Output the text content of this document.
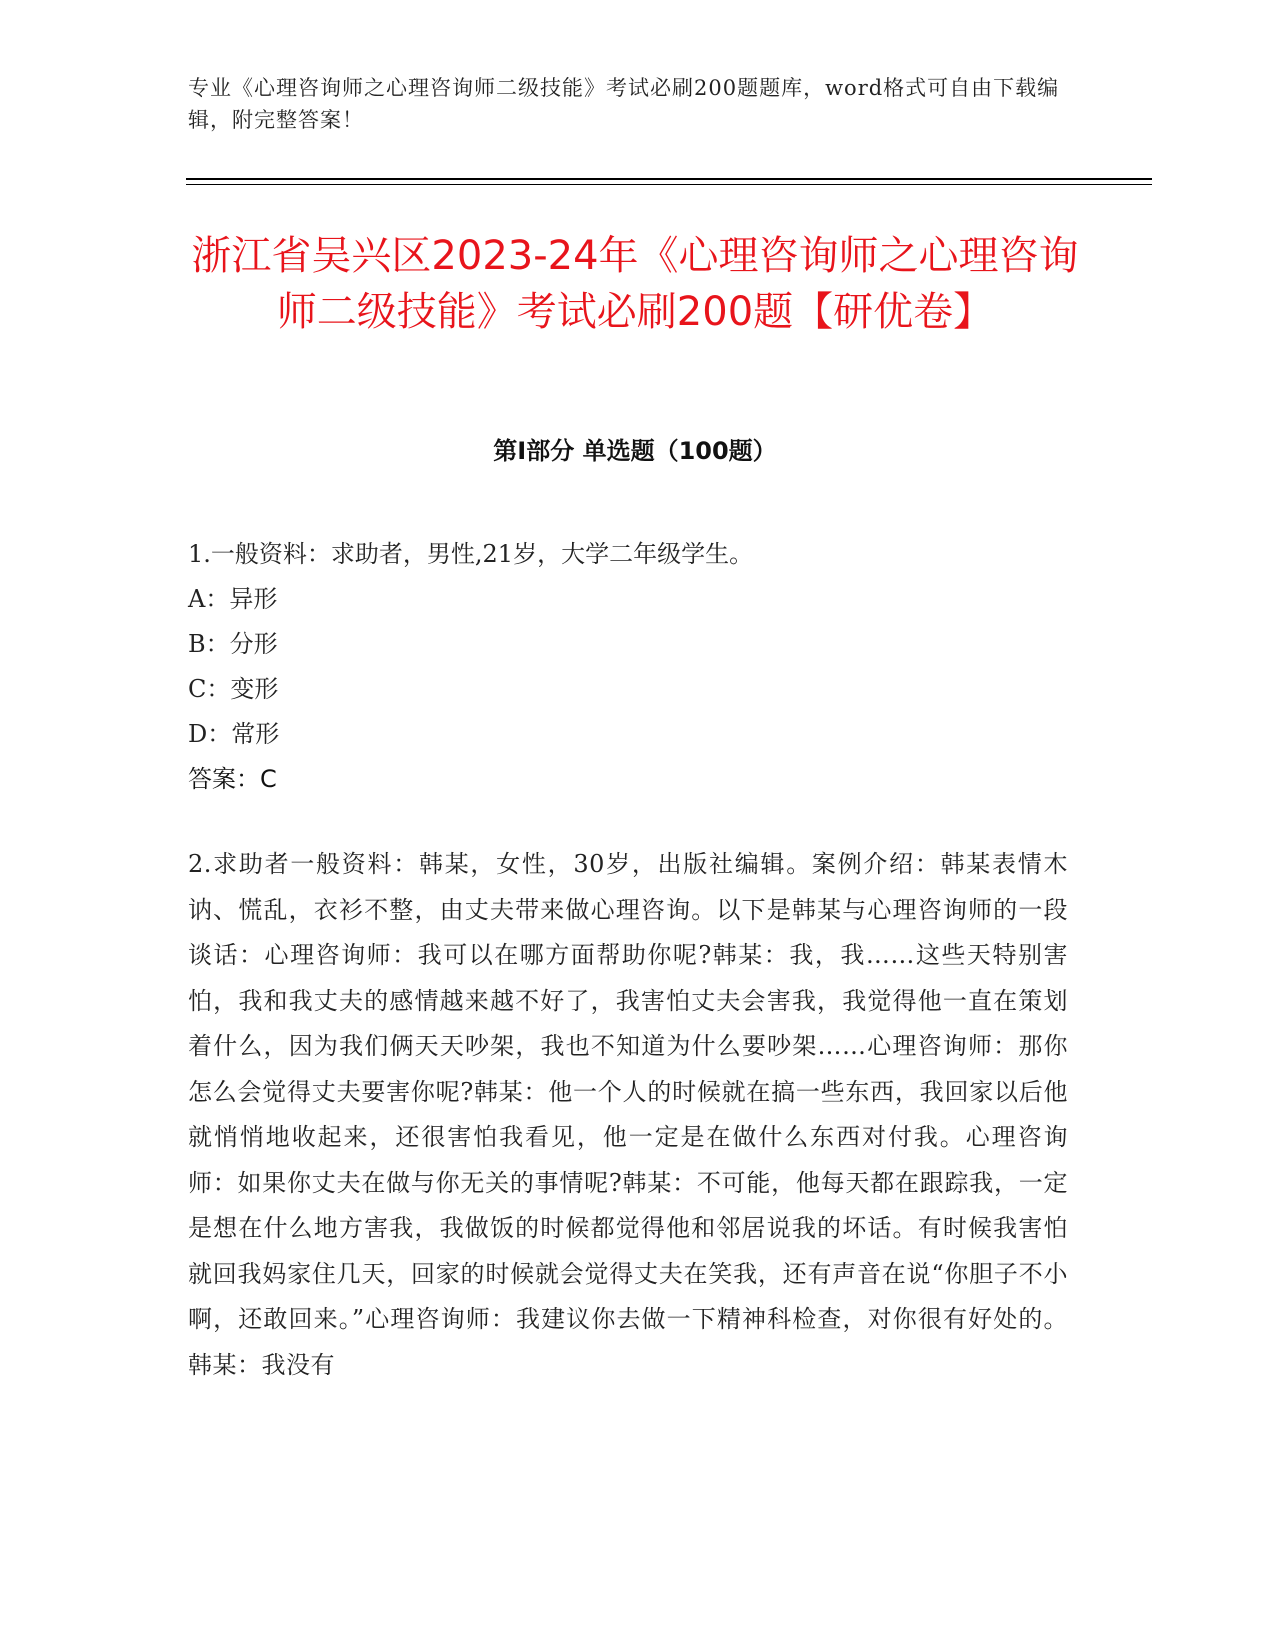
专业《心理咨询师之心理咨询师二级技能》考试必刷200题题库，word格式可自由下载编辑，附完整答案！
浙江省吴兴区2023-24年《心理咨询师之心理咨询师二级技能》考试必刷200题【研优卷】
第Ⅰ部分 单选题（100题）
1.一般资料：求助者，男性,21岁，大学二年级学生。
A：异形
B：分形
C：变形
D：常形
答案：C
2.求助者一般资料：韩某，女性，30岁，出版社编辑。案例介绍：韩某表情木讷、慌乱，衣衫不整，由丈夫带来做心理咨询。以下是韩某与心理咨询师的一段谈话：心理咨询师：我可以在哪方面帮助你呢?韩某：我，我……这些天特别害怕，我和我丈夫的感情越来越不好了，我害怕丈夫会害我，我觉得他一直在策划着什么，因为我们俩天天吵架，我也不知道为什么要吵架……心理咨询师：那你怎么会觉得丈夫要害你呢?韩某：他一个人的时候就在搞一些东西，我回家以后他就悄悄地收起来，还很害怕我看见，他一定是在做什么东西对付我。心理咨询师：如果你丈夫在做与你无关的事情呢?韩某：不可能，他每天都在跟踪我，一定是想在什么地方害我，我做饭的时候都觉得他和邻居说我的坏话。有时候我害怕就回我妈家住几天，回家的时候就会觉得丈夫在笑我，还有声音在说“你胆子不小啊，还敢回来。”心理咨询师：我建议你去做一下精神科检查，对你很有好处的。韩某：我没有
